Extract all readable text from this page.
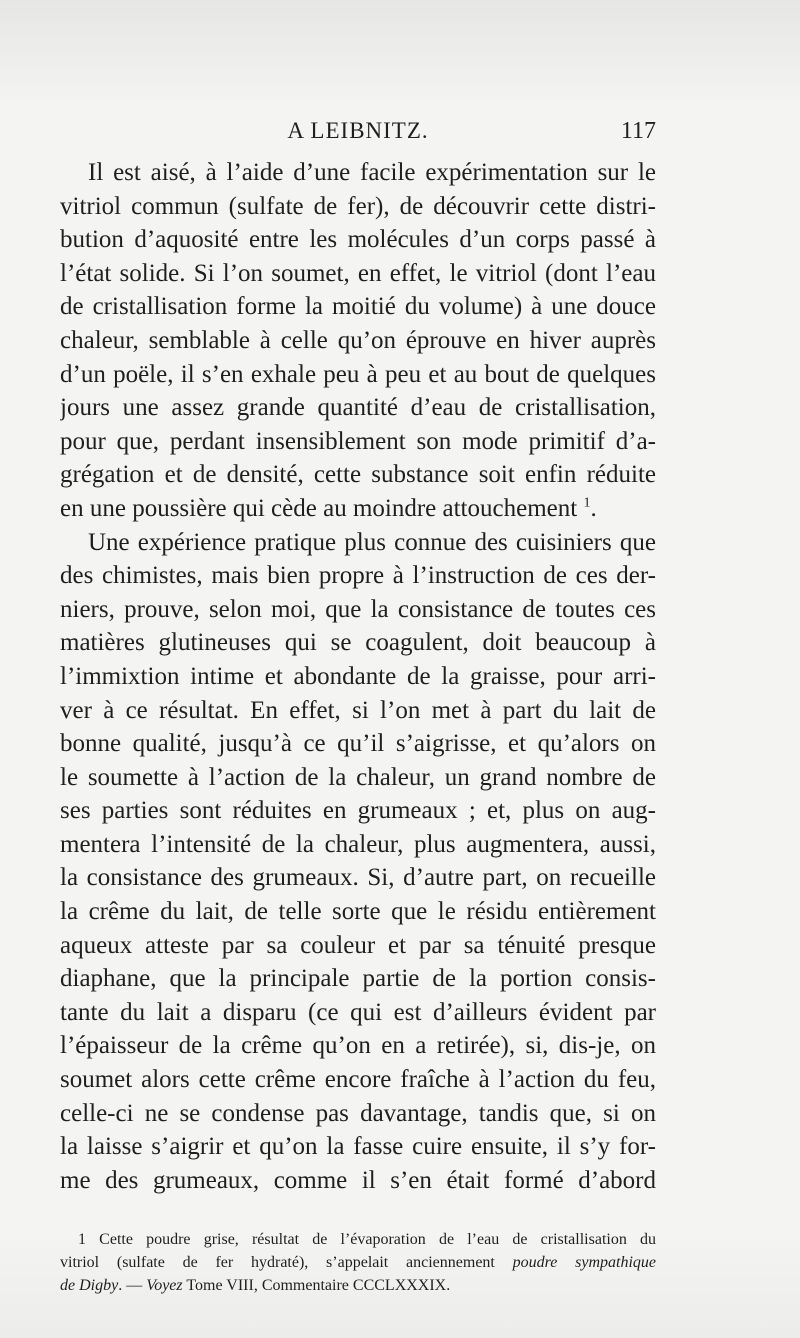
A LEIBNITZ.	117
Il est aisé, à l’aide d’une facile expérimentation sur le
vitriol commun (sulfate de fer), de découvrir cette distri-
bution d’aquosité entre les molécules d’un corps passé à
l’état solide. Si l’on soumet, en effet, le vitriol (dont l’eau
de cristallisation forme la moitié du volume) à une douce
chaleur, semblable à celle qu’on éprouve en hiver auprès
d’un poële, il s’en exhale peu à peu et au bout de quelques
jours une assez grande quantité d’eau de cristallisation,
pour que, perdant insensiblement son mode primitif d’a-
grégation et de densité, cette substance soit enfin réduite
en une poussière qui cède au moindre attouchement $^1$.
Une expérience pratique plus connue des cuisiniers que
des chimistes, mais bien propre à l’instruction de ces der-
niers, prouve, selon moi, que la consistance de toutes ces
matières glutineuses qui se coagulent, doit beaucoup à
l’immixtion intime et abondante de la graisse, pour arri-
ver à ce résultat. En effet, si l’on met à part du lait de
bonne qualité, jusqu’à ce qu’il s’aigrisse, et qu’alors on
le soumette à l’action de la chaleur, un grand nombre de
ses parties sont réduites en grumeaux ; et, plus on aug-
mentera l’intensité de la chaleur, plus augmentera, aussi,
la consistance des grumeaux. Si, d’autre part, on recueille
la crême du lait, de telle sorte que le résidu entièrement
aqueux atteste par sa couleur et par sa ténuité presque
diaphane, que la principale partie de la portion consis-
tante du lait a disparu (ce qui est d’ailleurs évident par
l’épaisseur de la crême qu’on en a retirée), si, dis-je, on
soumet alors cette crême encore fraîche à l’action du feu,
celle-ci ne se condense pas davantage, tandis que, si on
la laisse s’aigrir et qu’on la fasse cuire ensuite, il s’y for-
me des grumeaux, comme il s’en était formé d’abord
1 Cette poudre grise, résultat de l’évaporation de l’eau de cristallisation du
vitriol (sulfate de fer hydraté), s’appelait anciennement poudre sympathique
de Digby. — Voyez Tome VIII, Commentaire CCCLXXXIX.
